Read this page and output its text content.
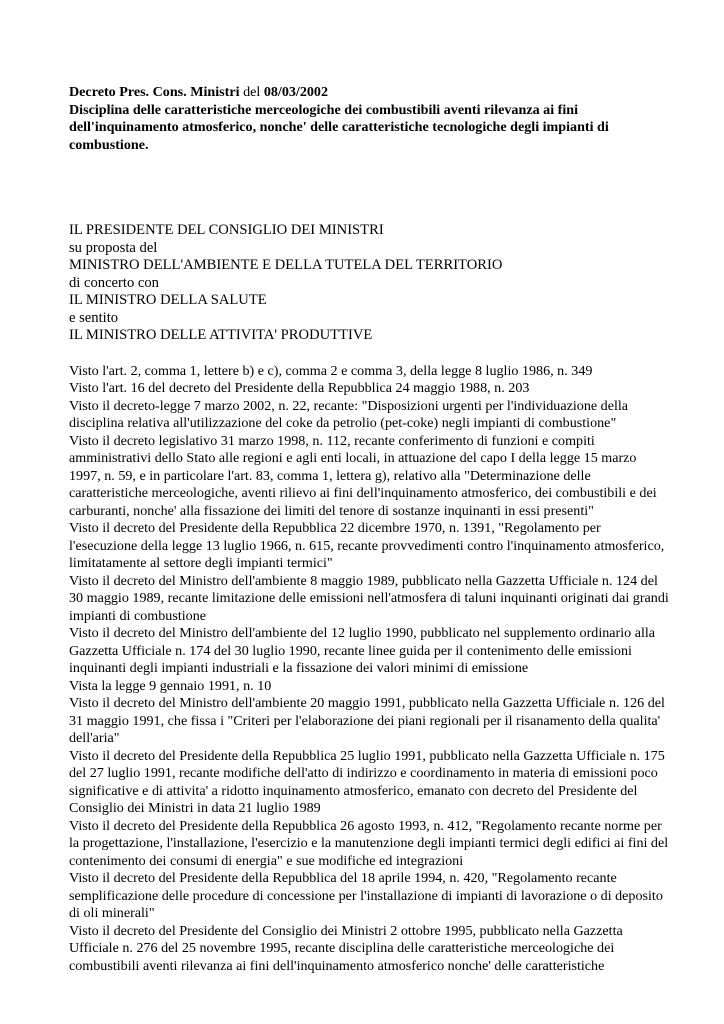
Decreto Pres. Cons. Ministri del 08/03/2002

Disciplina delle caratteristiche merceologiche dei combustibili aventi rilevanza ai fini dell'inquinamento atmosferico, nonche' delle caratteristiche tecnologiche degli impianti di combustione.

IL PRESIDENTE DEL CONSIGLIO DEI MINISTRI
su proposta del
MINISTRO DELL'AMBIENTE E DELLA TUTELA DEL TERRITORIO
di concerto con
IL MINISTRO DELLA SALUTE
e sentito
IL MINISTRO DELLE ATTIVITA' PRODUTTIVE

Visto l'art. 2, comma 1, lettere b) e c), comma 2 e comma 3, della legge 8 luglio 1986, n. 349

Visto l'art. 16 del decreto del Presidente della Repubblica 24 maggio 1988, n. 203

Visto il decreto-legge 7 marzo 2002, n. 22, recante: "Disposizioni urgenti per l'individuazione della disciplina relativa all'utilizzazione del coke da petrolio (pet-coke) negli impianti di combustione"

Visto il decreto legislativo 31 marzo 1998, n. 112, recante conferimento di funzioni e compiti amministrativi dello Stato alle regioni e agli enti locali, in attuazione del capo I della legge 15 marzo 1997, n. 59, e in particolare l'art. 83, comma 1, lettera g), relativo alla "Determinazione delle caratteristiche merceologiche, aventi rilievo ai fini dell'inquinamento atmosferico, dei combustibili e dei carburanti, nonche' alla fissazione dei limiti del tenore di sostanze inquinanti in essi presenti"

Visto il decreto del Presidente della Repubblica 22 dicembre 1970, n. 1391, "Regolamento per l'esecuzione della legge 13 luglio 1966, n. 615, recante provvedimenti contro l'inquinamento atmosferico, limitatamente al settore degli impianti termici"

Visto il decreto del Ministro dell'ambiente 8 maggio 1989, pubblicato nella Gazzetta Ufficiale n. 124 del 30 maggio 1989, recante limitazione delle emissioni nell'atmosfera di taluni inquinanti originati dai grandi impianti di combustione

Visto il decreto del Ministro dell'ambiente del 12 luglio 1990, pubblicato nel supplemento ordinario alla Gazzetta Ufficiale n. 174 del 30 luglio 1990, recante linee guida per il contenimento delle emissioni inquinanti degli impianti industriali e la fissazione dei valori minimi di emissione

Vista la legge 9 gennaio 1991, n. 10

Visto il decreto del Ministro dell'ambiente 20 maggio 1991, pubblicato nella Gazzetta Ufficiale n. 126 del 31 maggio 1991, che fissa i "Criteri per l'elaborazione dei piani regionali per il risanamento della qualita' dell'aria"

Visto il decreto del Presidente della Repubblica 25 luglio 1991, pubblicato nella Gazzetta Ufficiale n. 175 del 27 luglio 1991, recante modifiche dell'atto di indirizzo e coordinamento in materia di emissioni poco significative e di attivita' a ridotto inquinamento atmosferico, emanato con decreto del Presidente del Consiglio dei Ministri in data 21 luglio 1989

Visto il decreto del Presidente della Repubblica 26 agosto 1993, n. 412, "Regolamento recante norme per la progettazione, l'installazione, l'esercizio e la manutenzione degli impianti termici degli edifici ai fini del contenimento dei consumi di energia" e sue modifiche ed integrazioni

Visto il decreto del Presidente della Repubblica del 18 aprile 1994, n. 420, "Regolamento recante semplificazione delle procedure di concessione per l'installazione di impianti di lavorazione o di deposito di oli minerali"

Visto il decreto del Presidente del Consiglio dei Ministri 2 ottobre 1995, pubblicato nella Gazzetta Ufficiale n. 276 del 25 novembre 1995, recante disciplina delle caratteristiche merceologiche dei combustibili aventi rilevanza ai fini dell'inquinamento atmosferico nonche' delle caratteristiche
